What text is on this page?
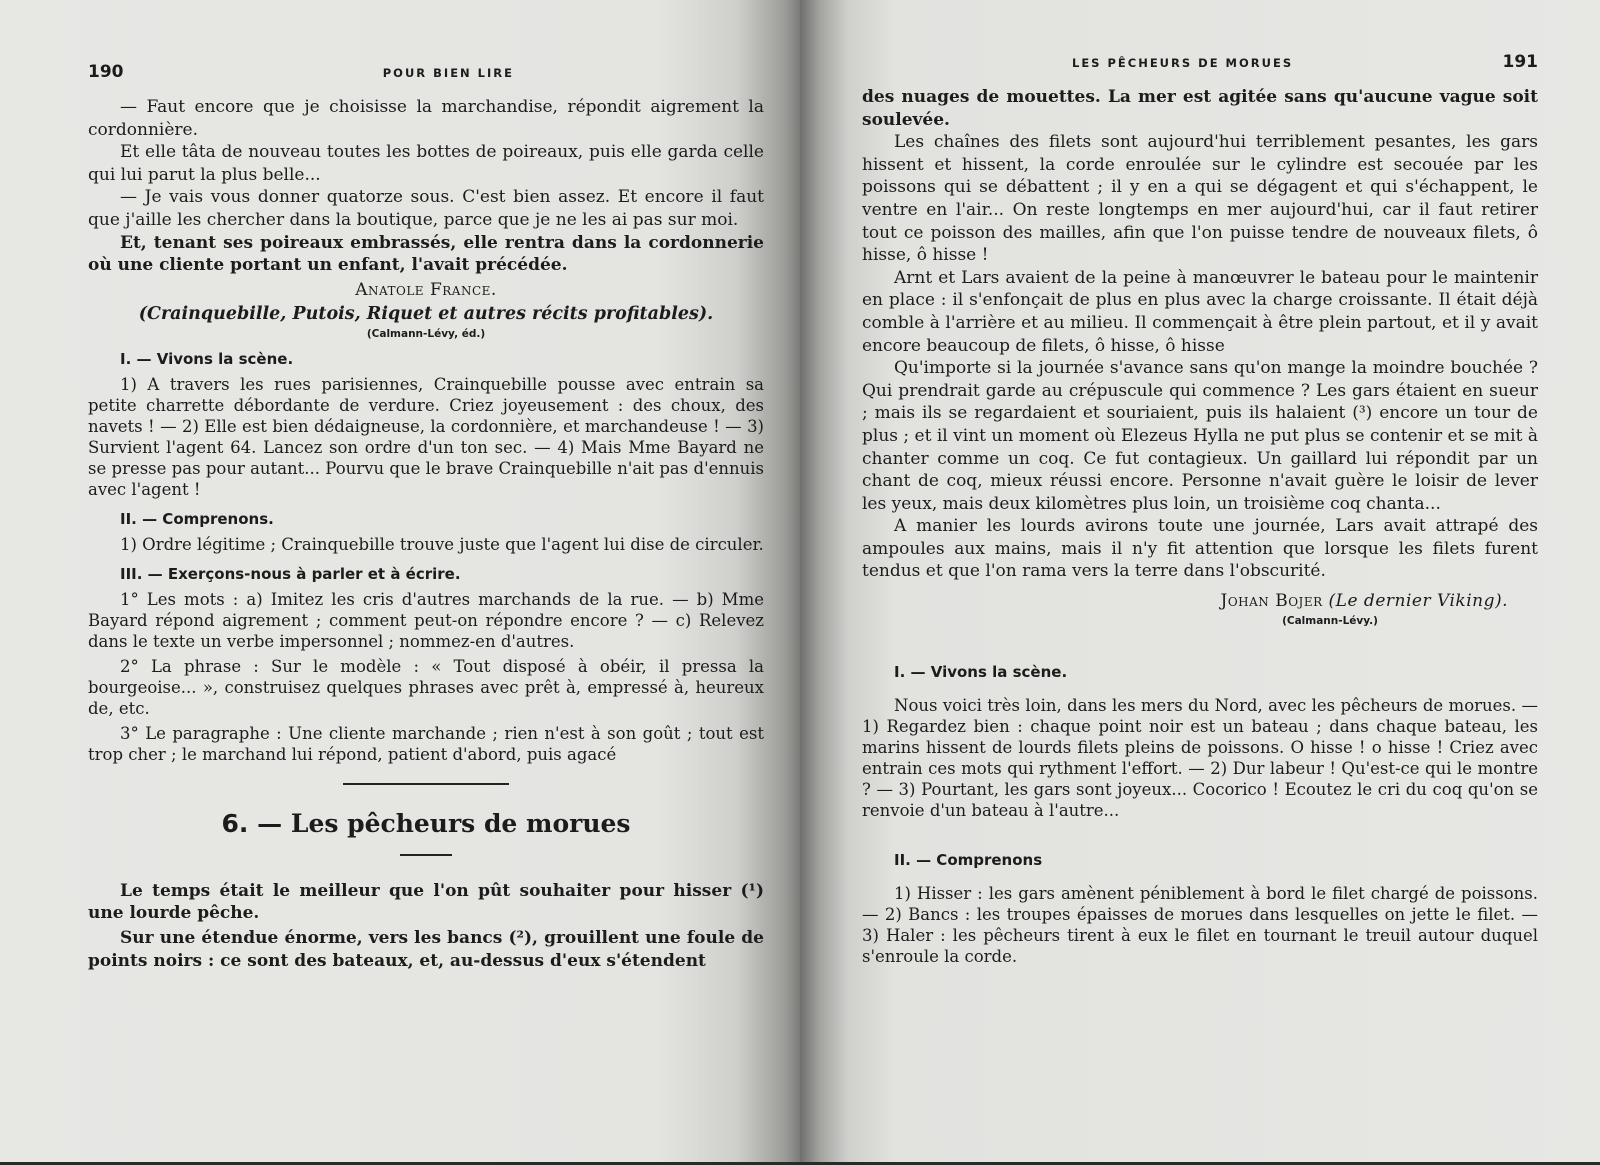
190	POUR BIEN LIRE

— Faut encore que je choisisse la marchandise, répondit aigrement la cordonnière.

Et elle tâta de nouveau toutes les bottes de poireaux, puis elle garda celle qui lui parut la plus belle...

— Je vais vous donner quatorze sous. C'est bien assez. Et encore il faut que j'aille les chercher dans la boutique, parce que je ne les ai pas sur moi.

Et, tenant ses poireaux embrassés, elle rentra dans la cordonnerie où une cliente portant un enfant, l'avait précédée.

Anatole France.
(Crainquebille, Putois, Riquet et autres récits profitables).
(Calmann-Lévy, éd.)
I. — Vivons la scène.

1) A travers les rues parisiennes, Crainquebille pousse avec entrain sa petite charrette débordante de verdure. Criez joyeusement : des choux, des navets ! — 2) Elle est bien dédaigneuse, la cordonnière, et marchandeuse ! — 3) Survient l'agent 64. Lancez son ordre d'un ton sec. — 4) Mais Mme Bayard ne se presse pas pour autant... Pourvu que le brave Crainquebille n'ait pas d'ennuis avec l'agent !

II. — Comprenons.

1) Ordre légitime ; Crainquebille trouve juste que l'agent lui dise de circuler.

III. — Exerçons-nous à parler et à écrire.

1° Les mots : a) Imitez les cris d'autres marchands de la rue. — b) Mme Bayard répond aigrement ; comment peut-on répondre encore ? — c) Relevez dans le texte un verbe impersonnel ; nommez-en d'autres.

2° La phrase : Sur le modèle : « Tout disposé à obéir, il pressa la bourgeoise... », construisez quelques phrases avec prêt à, empressé à, heureux de, etc.

3° Le paragraphe : Une cliente marchande ; rien n'est à son goût ; tout est trop cher ; le marchand lui répond, patient d'abord, puis agacé

6. — Les pêcheurs de morues

Le temps était le meilleur que l'on pût souhaiter pour hisser (¹) une lourde pêche.

Sur une étendue énorme, vers les bancs (²), grouillent une foule de points noirs : ce sont des bateaux, et, au-dessus d'eux s'étendent

LES PÊCHEURS DE MORUES	191

des nuages de mouettes. La mer est agitée sans qu'aucune vague soit soulevée.

Les chaînes des filets sont aujourd'hui terriblement pesantes, les gars hissent et hissent, la corde enroulée sur le cylindre est secouée par les poissons qui se débattent ; il y en a qui se dégagent et qui s'échappent, le ventre en l'air... On reste longtemps en mer aujourd'hui, car il faut retirer tout ce poisson des mailles, afin que l'on puisse tendre de nouveaux filets, ô hisse, ô hisse !

Arnt et Lars avaient de la peine à manœuvrer le bateau pour le maintenir en place : il s'enfonçait de plus en plus avec la charge croissante. Il était déjà comble à l'arrière et au milieu. Il commençait à être plein partout, et il y avait encore beaucoup de filets, ô hisse, ô hisse

Qu'importe si la journée s'avance sans qu'on mange la moindre bouchée ? Qui prendrait garde au crépuscule qui commence ? Les gars étaient en sueur ; mais ils se regardaient et souriaient, puis ils halaient (³) encore un tour de plus ; et il vint un moment où Elezeus Hylla ne put plus se contenir et se mit à chanter comme un coq. Ce fut contagieux. Un gaillard lui répondit par un chant de coq, mieux réussi encore. Personne n'avait guère le loisir de lever les yeux, mais deux kilomètres plus loin, un troisième coq chanta...

A manier les lourds avirons toute une journée, Lars avait attrapé des ampoules aux mains, mais il n'y fit attention que lorsque les filets furent tendus et que l'on rama vers la terre dans l'obscurité.

Johan Bojer (Le dernier Viking).
(Calmann-Lévy.)
I. — Vivons la scène.

Nous voici très loin, dans les mers du Nord, avec les pêcheurs de morues. — 1) Regardez bien : chaque point noir est un bateau ; dans chaque bateau, les marins hissent de lourds filets pleins de poissons. O hisse ! o hisse ! Criez avec entrain ces mots qui rythment l'effort. — 2) Dur labeur ! Qu'est-ce qui le montre ? — 3) Pourtant, les gars sont joyeux... Cocorico ! Ecoutez le cri du coq qu'on se renvoie d'un bateau à l'autre...

II. — Comprenons

1) Hisser : les gars amènent péniblement à bord le filet chargé de poissons. — 2) Bancs : les troupes épaisses de morues dans lesquelles on jette le filet. — 3) Haler : les pêcheurs tirent à eux le filet en tournant le treuil autour duquel s'enroule la corde.
